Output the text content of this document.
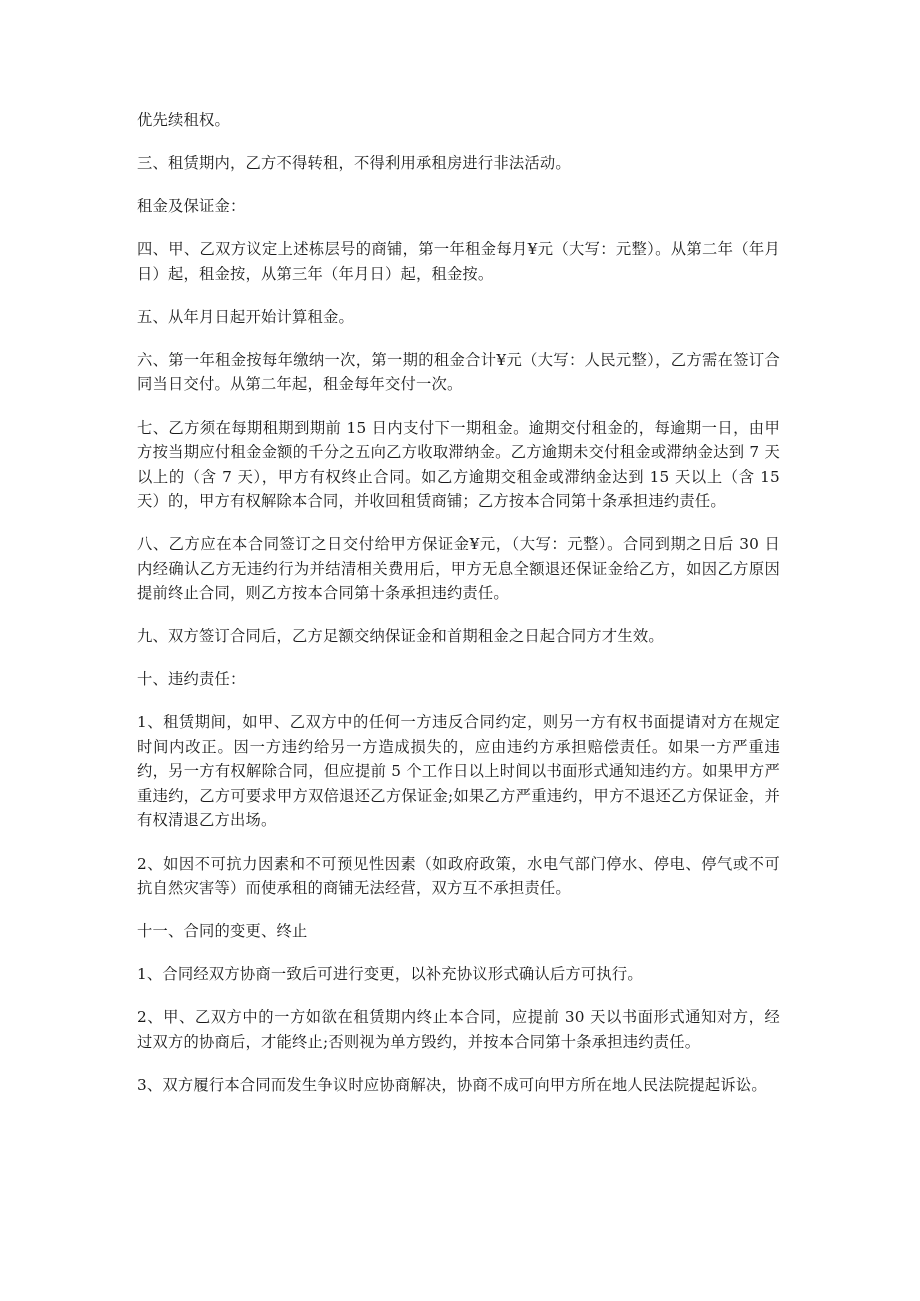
优先续租权。

三、租赁期内，乙方不得转租，不得利用承租房进行非法活动。

租金及保证金：

四、甲、乙双方议定上述栋层号的商铺，第一年租金每月¥元（大写：元整）。从第二年（年月日）起，租金按，从第三年（年月日）起，租金按。

五、从年月日起开始计算租金。

六、第一年租金按每年缴纳一次，第一期的租金合计¥元（大写：人民元整），乙方需在签订合同当日交付。从第二年起，租金每年交付一次。

七、乙方须在每期租期到期前 15 日内支付下一期租金。逾期交付租金的，每逾期一日，由甲方按当期应付租金金额的千分之五向乙方收取滞纳金。乙方逾期未交付租金或滞纳金达到 7 天以上的（含 7 天），甲方有权终止合同。如乙方逾期交租金或滞纳金达到 15 天以上（含 15 天）的，甲方有权解除本合同，并收回租赁商铺；乙方按本合同第十条承担违约责任。

八、乙方应在本合同签订之日交付给甲方保证金¥元，（大写：元整）。合同到期之日后 30 日内经确认乙方无违约行为并结清相关费用后，甲方无息全额退还保证金给乙方，如因乙方原因提前终止合同，则乙方按本合同第十条承担违约责任。

九、双方签订合同后，乙方足额交纳保证金和首期租金之日起合同方才生效。

十、违约责任：

1、租赁期间，如甲、乙双方中的任何一方违反合同约定，则另一方有权书面提请对方在规定时间内改正。因一方违约给另一方造成损失的，应由违约方承担赔偿责任。如果一方严重违约，另一方有权解除合同，但应提前 5 个工作日以上时间以书面形式通知违约方。如果甲方严重违约，乙方可要求甲方双倍退还乙方保证金;如果乙方严重违约，甲方不退还乙方保证金，并有权清退乙方出场。

2、如因不可抗力因素和不可预见性因素（如政府政策，水电气部门停水、停电、停气或不可抗自然灾害等）而使承租的商铺无法经营，双方互不承担责任。

十一、合同的变更、终止

1、合同经双方协商一致后可进行变更，以补充协议形式确认后方可执行。

2、甲、乙双方中的一方如欲在租赁期内终止本合同，应提前 30 天以书面形式通知对方，经过双方的协商后，才能终止;否则视为单方毁约，并按本合同第十条承担违约责任。

3、双方履行本合同而发生争议时应协商解决，协商不成可向甲方所在地人民法院提起诉讼。
